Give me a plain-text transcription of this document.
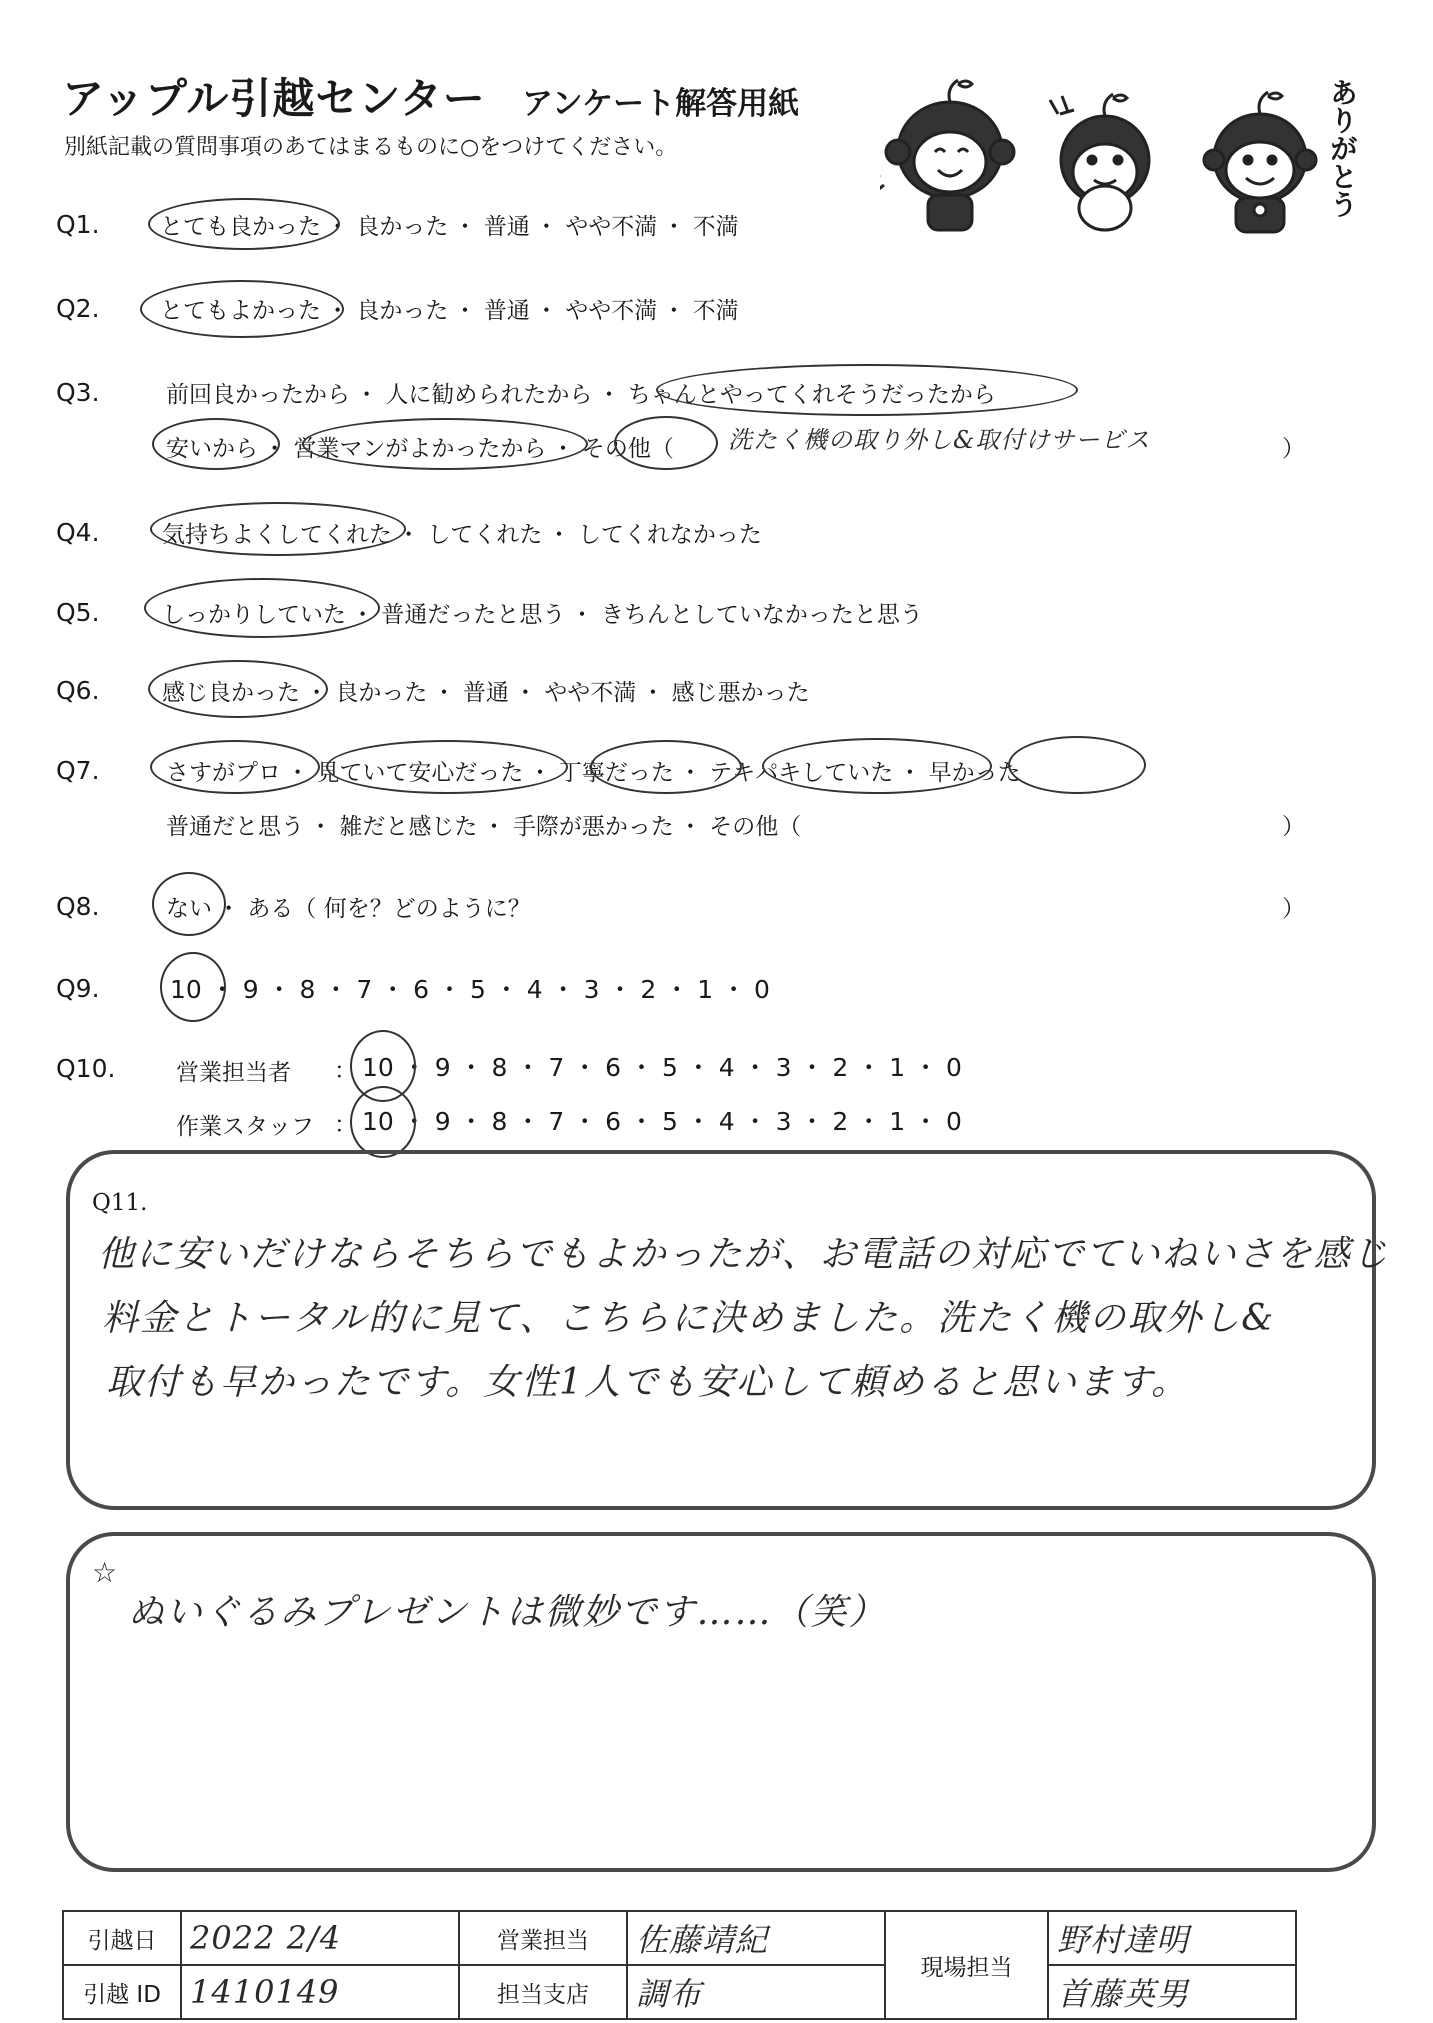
アップル引越センター アンケート解答用紙
別紙記載の質問事項のあてはまるものに○をつけてください。	ありがとう
Q1.	とても良かった ・ 良かった ・ 普通 ・ やや不満 ・ 不満
Q2.	とてもよかった ・ 良かった ・ 普通 ・ やや不満 ・ 不満
Q3.	前回良かったから ・ 人に勧められたから ・ ちゃんとやってくれそうだったから
安いから ・ 営業マンがよかったから ・ その他（ 洗たく機の取り外し&取付けサービス	）
Q4.	気持ちよくしてくれた ・ してくれた ・ してくれなかった
Q5.	しっかりしていた ・ 普通だったと思う ・ きちんとしていなかったと思う
Q6.	感じ良かった ・ 良かった ・ 普通 ・ やや不満 ・ 感じ悪かった
Q7.	さすがプロ ・ 見ていて安心だった ・ 丁寧だった ・ テキパキしていた ・ 早かった
普通だと思う ・ 雑だと感じた ・ 手際が悪かった ・ その他（	）
Q8.	ない ・ ある（ 何を？どのように？	）
Q9.	10 ・ 9 ・ 8 ・ 7 ・ 6 ・ 5 ・ 4 ・ 3 ・ 2 ・ 1 ・ 0
Q10.	営業担当者 ： 10 ・ 9 ・ 8 ・ 7 ・ 6 ・ 5 ・ 4 ・ 3 ・ 2 ・ 1 ・ 0
作業スタッフ ： 10 ・ 9 ・ 8 ・ 7 ・ 6 ・ 5 ・ 4 ・ 3 ・ 2 ・ 1 ・ 0
Q11.
他に安いだけならそちらでもよかったが、お電話の対応でていねいさを感じ
料金とトータル的に見て、こちらに決めました。洗たく機の取外し&
取付も早かったです。女性1人でも安心して頼めると思います。
☆
ぬいぐるみプレゼントは微妙です……（笑）
引越日	2022 2/4	営業担当	佐藤靖紀	現場担当	野村達明
引越 ID	1410149	担当支店	調布		首藤英男
